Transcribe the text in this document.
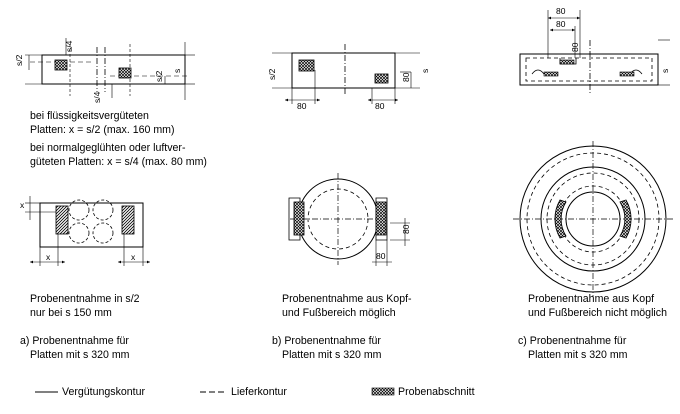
s/2
s/4
s/4
s/2 s	s/2	80
s
80	80
80
80
80
s
x
x	x
80
80
bei flüssigkeitsvergüteten
Platten: x = s/2 (max. 160 mm)
bei normalgeglühten oder luftver-
güteten Platten: x = s/4 (max. 80 mm)
Probenentnahme in s/2
nur bei s 150 mm
Probenentnahme aus Kopf-
und Fußbereich möglich
Probenentnahme aus Kopf
und Fußbereich nicht möglich
a) Probenentnahme für
Platten mit s 320 mm
b) Probenentnahme für
Platten mit s 320 mm
c) Probenentnahme für
Platten mit s 320 mm
Vergütungskontur	Lieferkontur	Probenabschnitt
